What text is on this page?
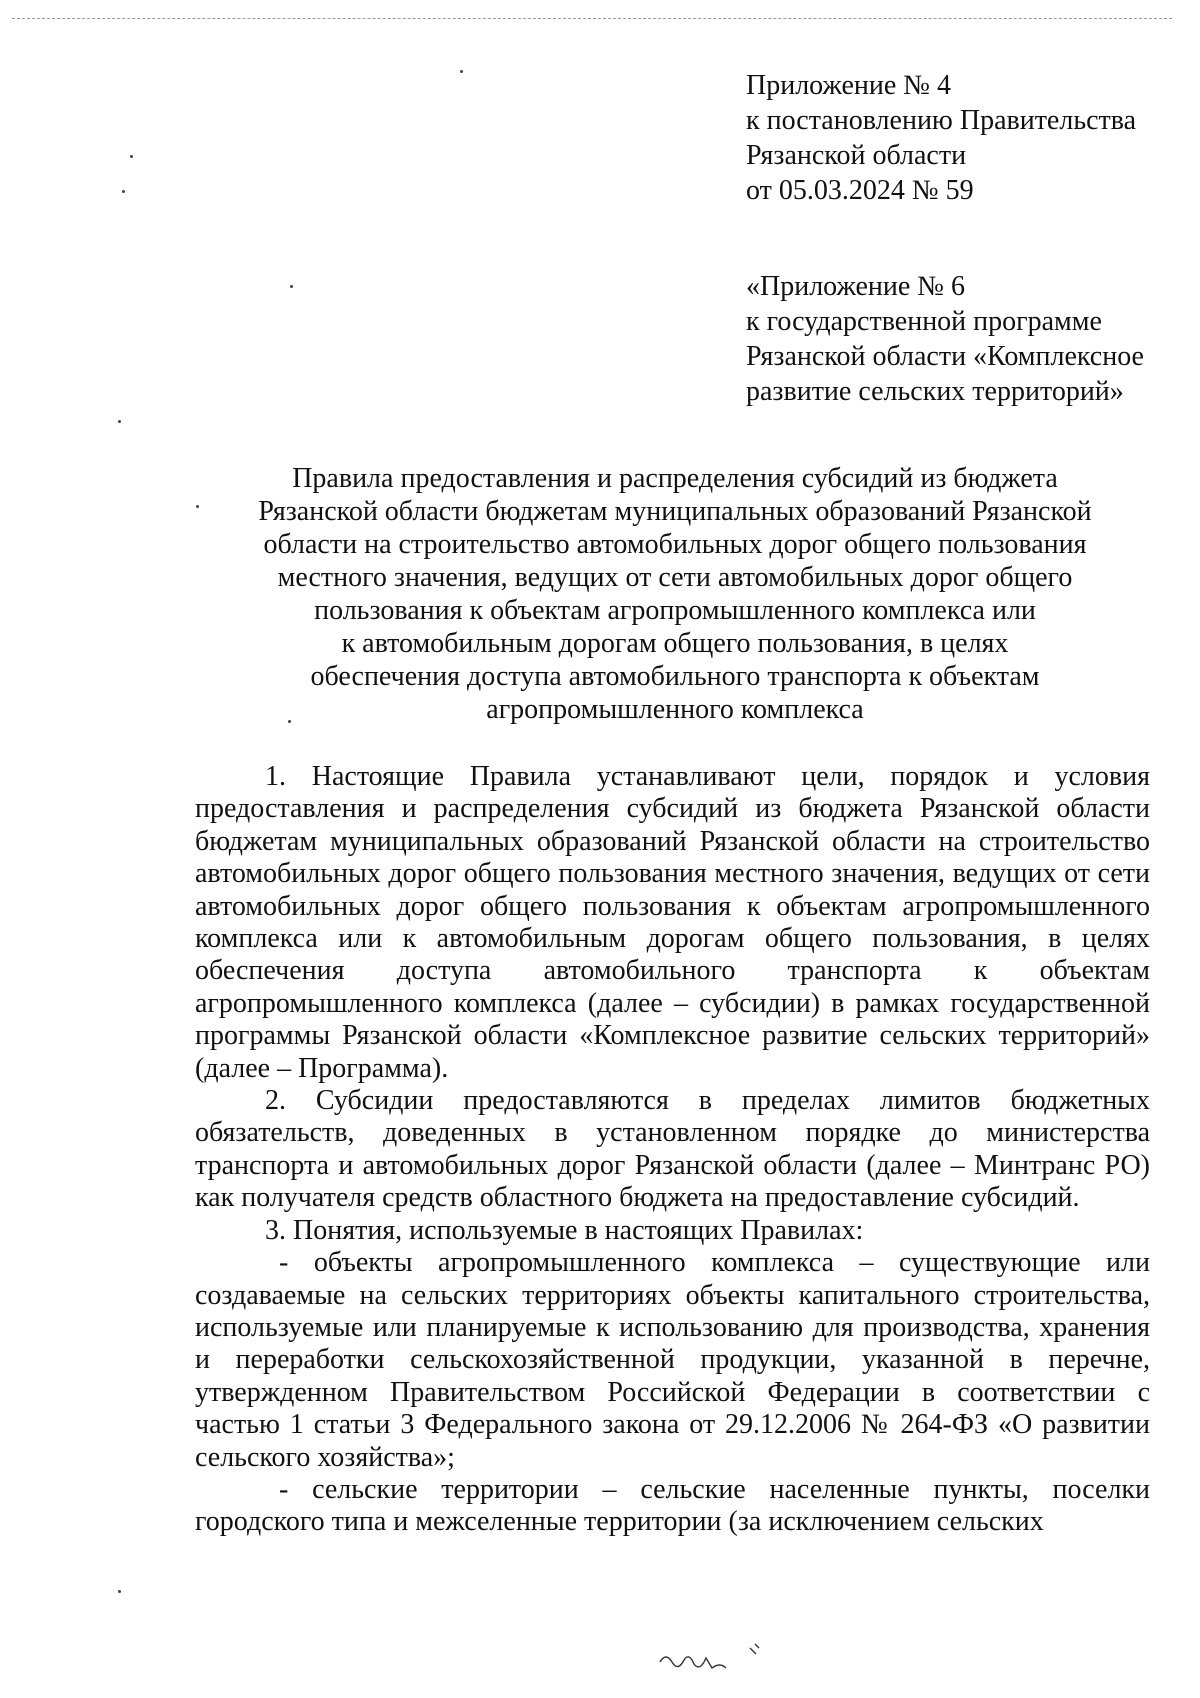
Приложение № 4
к постановлению Правительства
Рязанской области
от 05.03.2024 № 59
«Приложение № 6
к государственной программе
Рязанской области «Комплексное
развитие сельских территорий»
Правила предоставления и распределения субсидий из бюджета
Рязанской области бюджетам муниципальных образований Рязанской
области на строительство автомобильных дорог общего пользования
местного значения, ведущих от сети автомобильных дорог общего
пользования к объектам агропромышленного комплекса или
к автомобильным дорогам общего пользования, в целях
обеспечения доступа автомобильного транспорта к объектам
агропромышленного комплекса

1. Настоящие Правила устанавливают цели, порядок и условия предоставления и распределения субсидий из бюджета Рязанской области бюджетам муниципальных образований Рязанской области на строительство автомобильных дорог общего пользования местного значения, ведущих от сети автомобильных дорог общего пользования к объектам агропромышленного комплекса или к автомобильным дорогам общего пользования, в целях обеспечения доступа автомобильного транспорта к объектам агропромышленного комплекса (далее – субсидии) в рамках государственной программы Рязанской области «Комплексное развитие сельских территорий» (далее – Программа).

2. Субсидии предоставляются в пределах лимитов бюджетных обязательств, доведенных в установленном порядке до министерства транспорта и автомобильных дорог Рязанской области (далее – Минтранс РО) как получателя средств областного бюджета на предоставление субсидий.

3. Понятия, используемые в настоящих Правилах:

- объекты агропромышленного комплекса – существующие или создаваемые на сельских территориях объекты капитального строительства, используемые или планируемые к использованию для производства, хранения и переработки сельскохозяйственной продукции, указанной в перечне, утвержденном Правительством Российской Федерации в соответствии с частью 1 статьи 3 Федерального закона от 29.12.2006 № 264-ФЗ «О развитии сельского хозяйства»;

- сельские территории – сельские населенные пункты, поселки городского типа и межселенные территории (за исключением сельских
